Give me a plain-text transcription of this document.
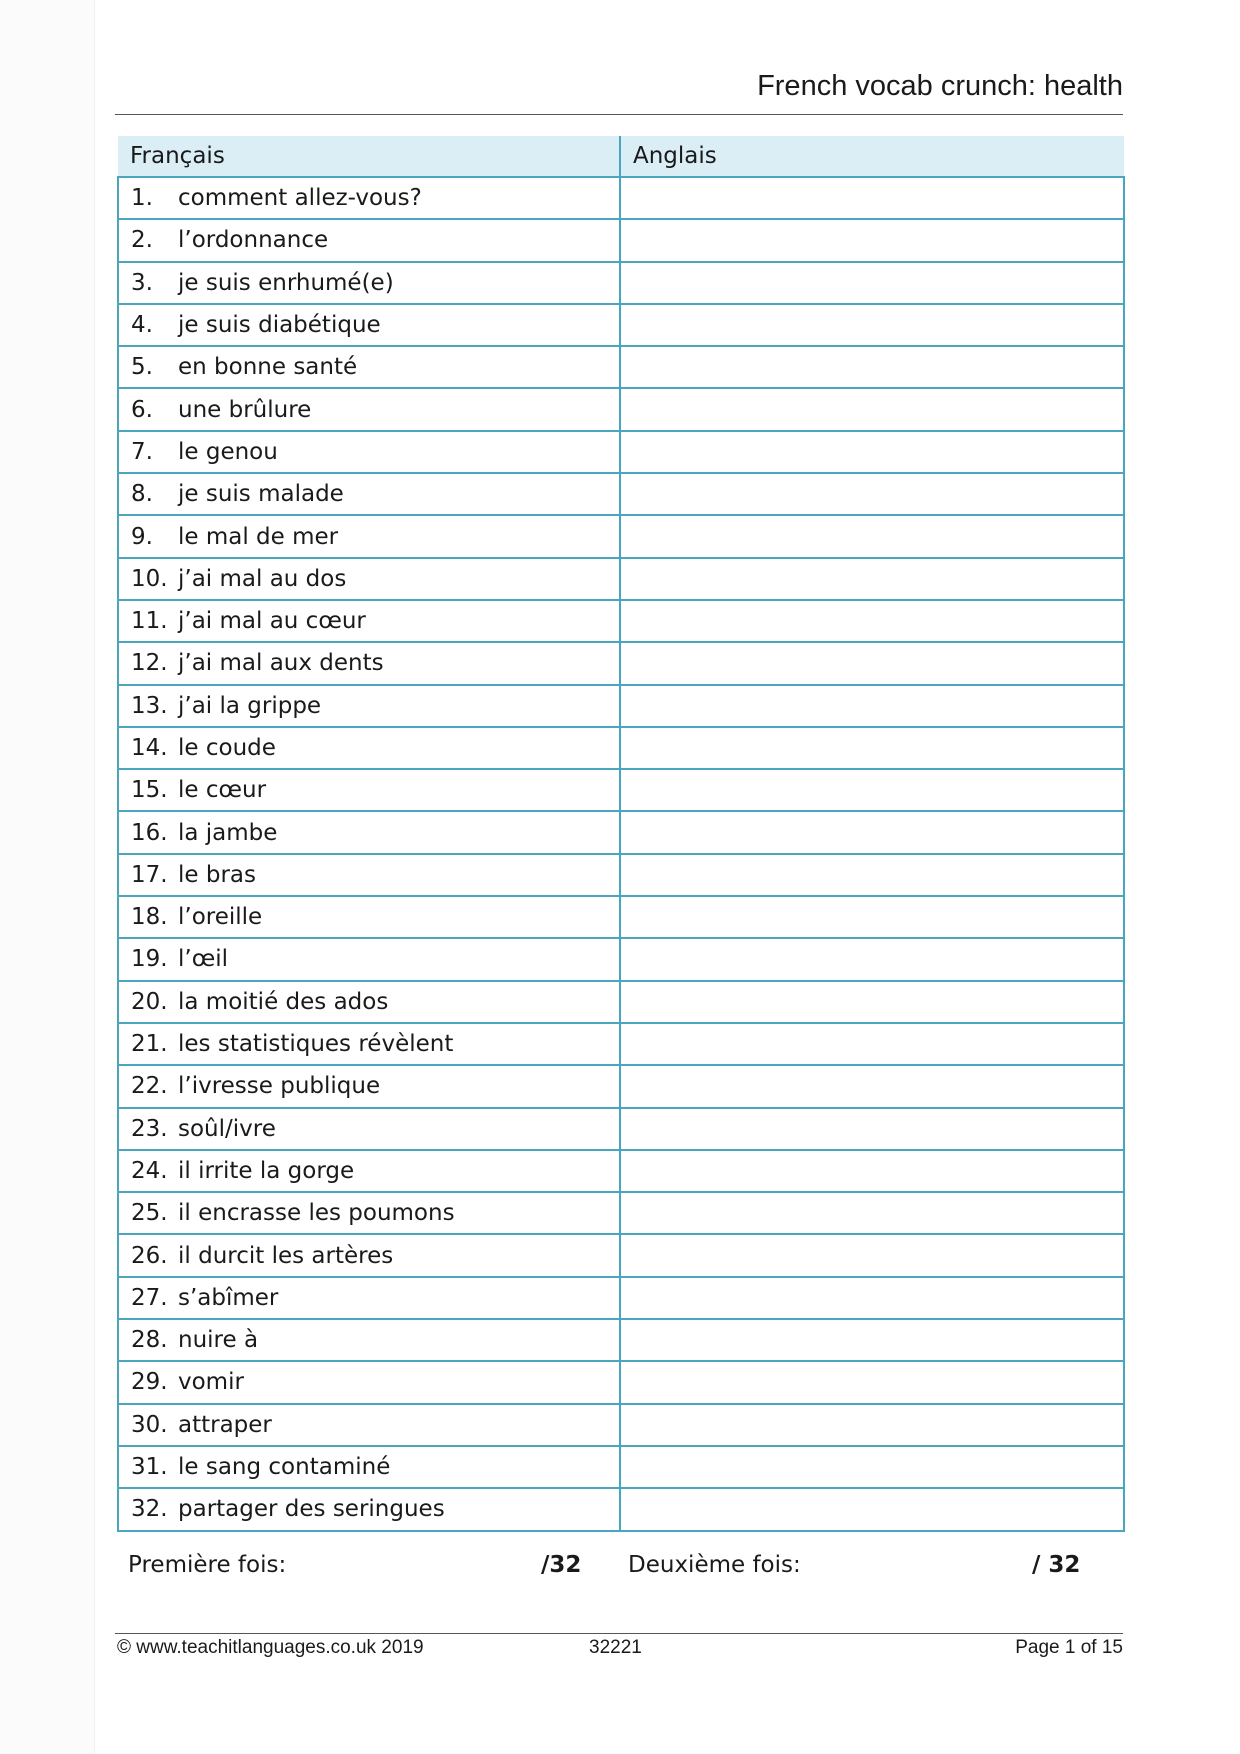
French vocab crunch: health
Français	Anglais
1. comment allez-vous?	
2. l’ordonnance	
3. je suis enrhumé(e)	
4. je suis diabétique	
5. en bonne santé	
6. une brûlure	
7. le genou	
8. je suis malade	
9. le mal de mer	
10. j’ai mal au dos	
11. j’ai mal au cœur	
12. j’ai mal aux dents	
13. j’ai la grippe	
14. le coude	
15. le cœur	
16. la jambe	
17. le bras	
18. l’oreille	
19. l’œil	
20. la moitié des ados	
21. les statistiques révèlent	
22. l’ivresse publique	
23. soûl/ivre	
24. il irrite la gorge	
25. il encrasse les poumons	
26. il durcit les artères	
27. s’abîmer	
28. nuire à	
29. vomir	
30. attraper	
31. le sang contaminé	
32. partager des seringues	
Première fois:	/32 Deuxième fois:	/ 32
© www.teachitlanguages.co.uk 2019	32221	Page 1 of 15
